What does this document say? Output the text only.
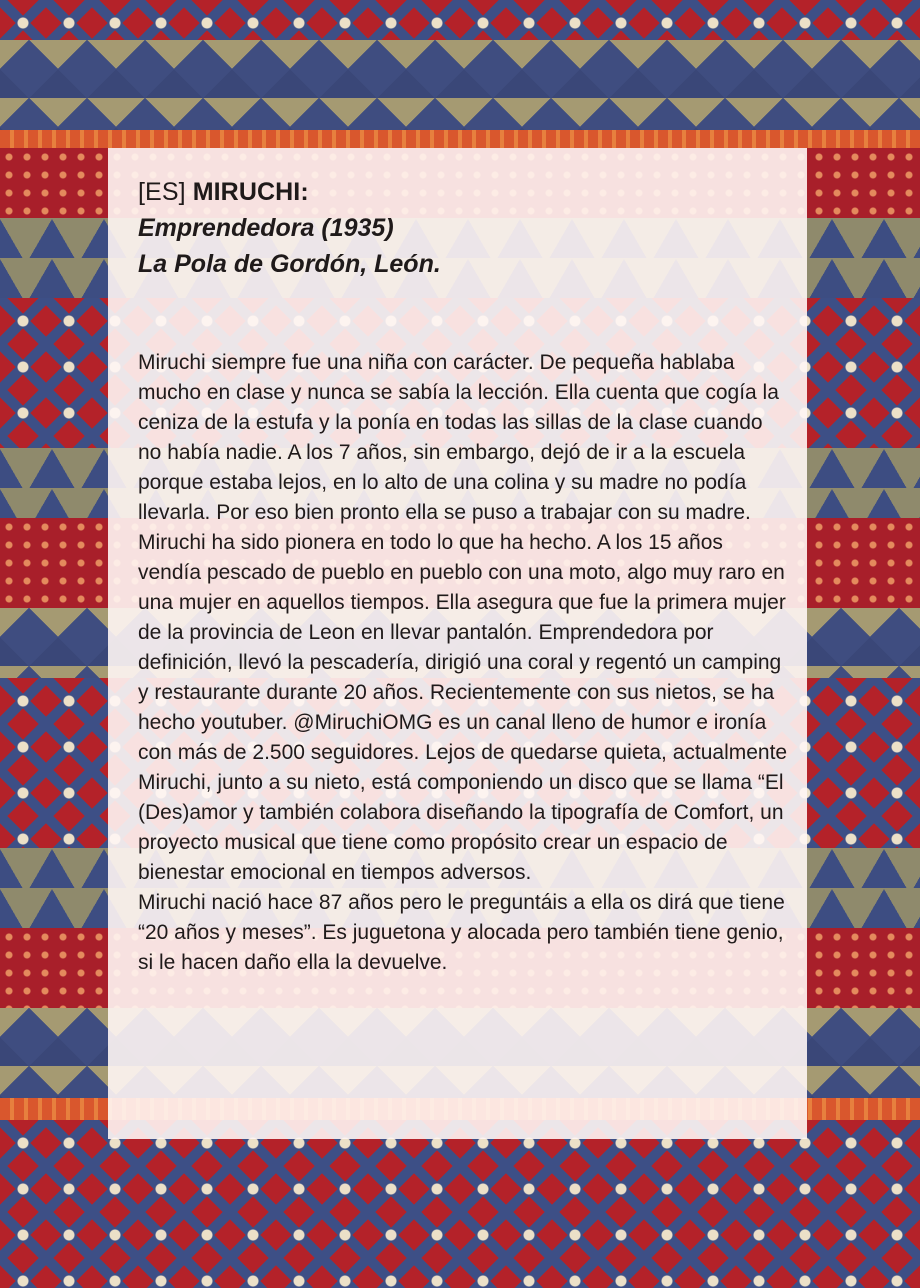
[ES] MIRUCHI:

Emprendedora (1935)

La Pola de Gordón, León.

Miruchi siempre fue una niña con carácter. De pequeña hablaba mucho en clase y nunca se sabía la lección. Ella cuenta que cogía la ceniza de la estufa y la ponía en todas las sillas de la clase cuando no había nadie. A los 7 años, sin embargo, dejó de ir a la escuela porque estaba lejos, en lo alto de una colina y su madre no podía llevarla. Por eso bien pronto ella se puso a trabajar con su madre.

Miruchi ha sido pionera en todo lo que ha hecho. A los 15 años vendía pescado de pueblo en pueblo con una moto, algo muy raro en una mujer en aquellos tiempos. Ella asegura que fue la primera mujer de la provincia de Leon en llevar pantalón. Emprendedora por definición, llevó la pescadería, dirigió una coral y regentó un camping y restaurante durante 20 años. Recientemente con sus nietos, se ha hecho youtuber. @MiruchiOMG es un canal lleno de humor e ironía con más de 2.500 seguidores. Lejos de quedarse quieta, actualmente Miruchi, junto a su nieto, está componiendo un disco que se llama “El (Des)amor y también colabora diseñando la tipografía de Comfort, un proyecto musical que tiene como propósito crear un espacio de bienestar emocional en tiempos adversos.

Miruchi nació hace 87 años pero le preguntáis a ella os dirá que tiene “20 años y meses”. Es juguetona y alocada pero también tiene genio, si le hacen daño ella la devuelve.
